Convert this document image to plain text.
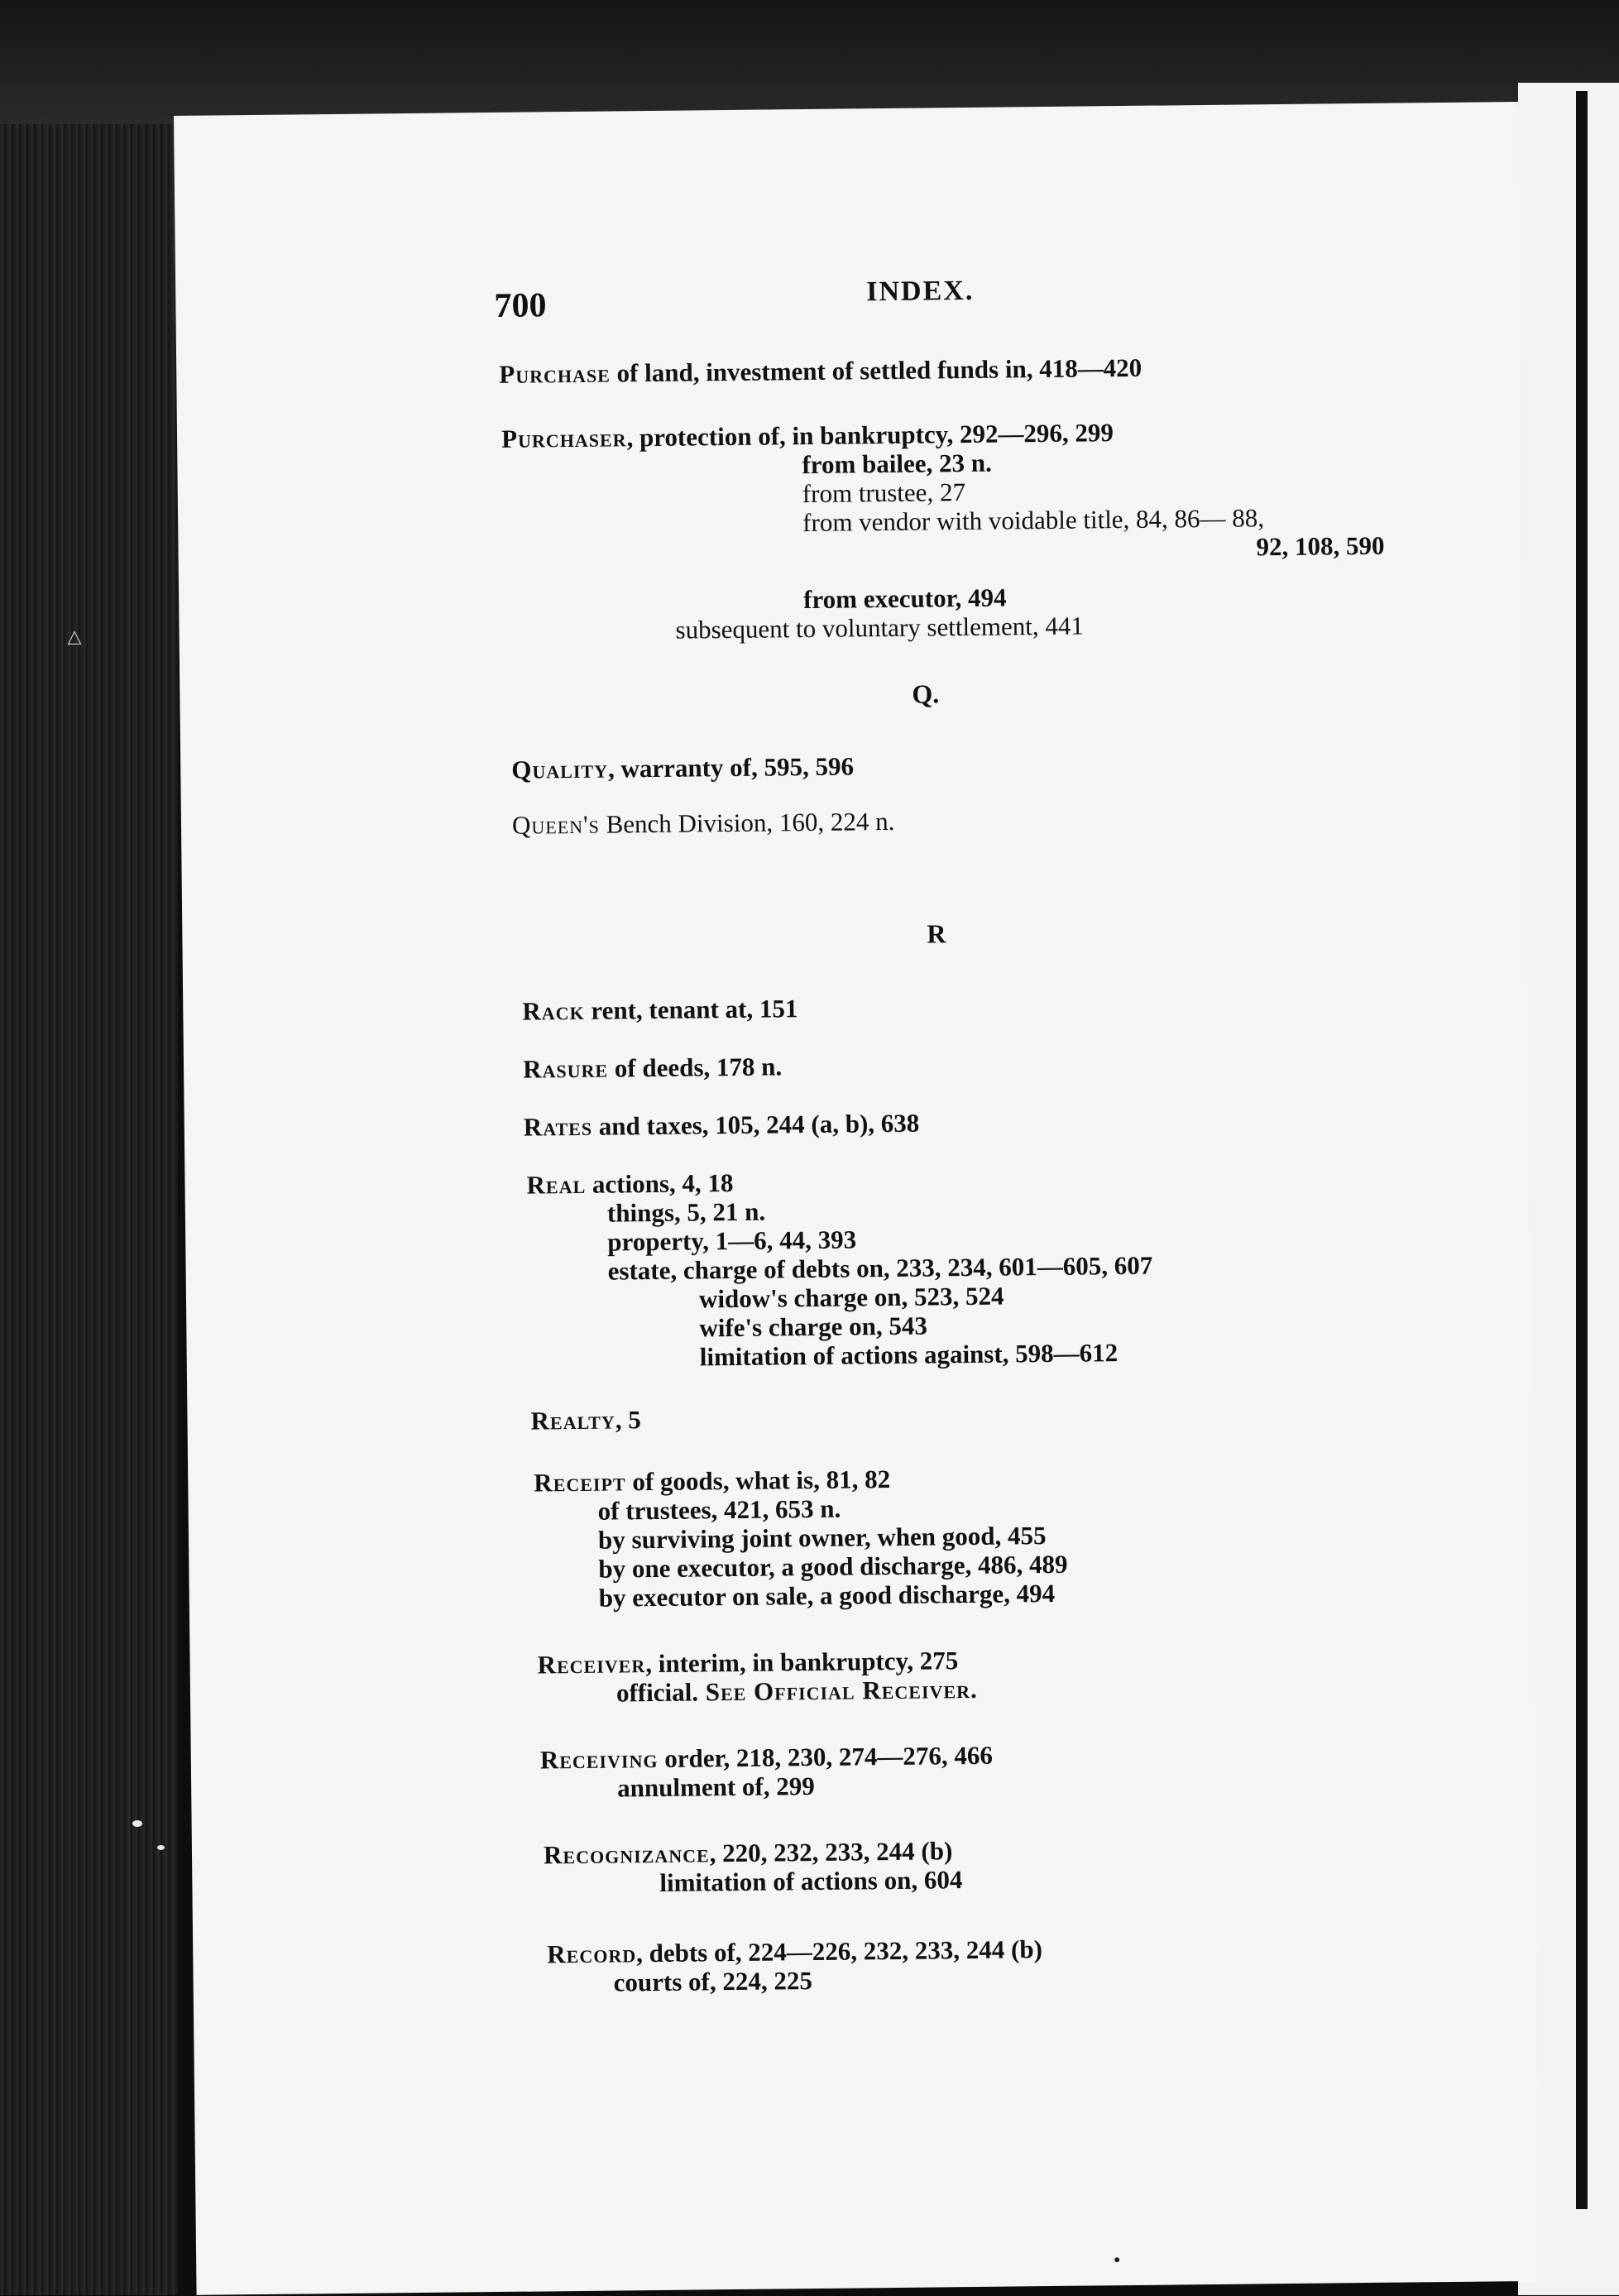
△
700	INDEX.
Purchase of land, investment of settled funds in, 418—420
Purchaser, protection of, in bankruptcy, 292—296, 299
from bailee, 23 n.
from trustee, 27
from vendor with voidable title, 84, 86— 88,
92, 108, 590
from executor, 494
subsequent to voluntary settlement, 441
Q.
Quality, warranty of, 595, 596
Queen's Bench Division, 160, 224 n.
R
Rack rent, tenant at, 151
Rasure of deeds, 178 n.
Rates and taxes, 105, 244 (a, b), 638
Real actions, 4, 18
things, 5, 21 n.
property, 1—6, 44, 393
estate, charge of debts on, 233, 234, 601—605, 607
widow's charge on, 523, 524
wife's charge on, 543
limitation of actions against, 598—612
Realty, 5
Receipt of goods, what is, 81, 82
of trustees, 421, 653 n.
by surviving joint owner, when good, 455
by one executor, a good discharge, 486, 489
by executor on sale, a good discharge, 494
Receiver, interim, in bankruptcy, 275
official. See Official Receiver.
Receiving order, 218, 230, 274—276, 466
annulment of, 299
Recognizance, 220, 232, 233, 244 (b)
limitation of actions on, 604
Record, debts of, 224—226, 232, 233, 244 (b)
courts of, 224, 225
